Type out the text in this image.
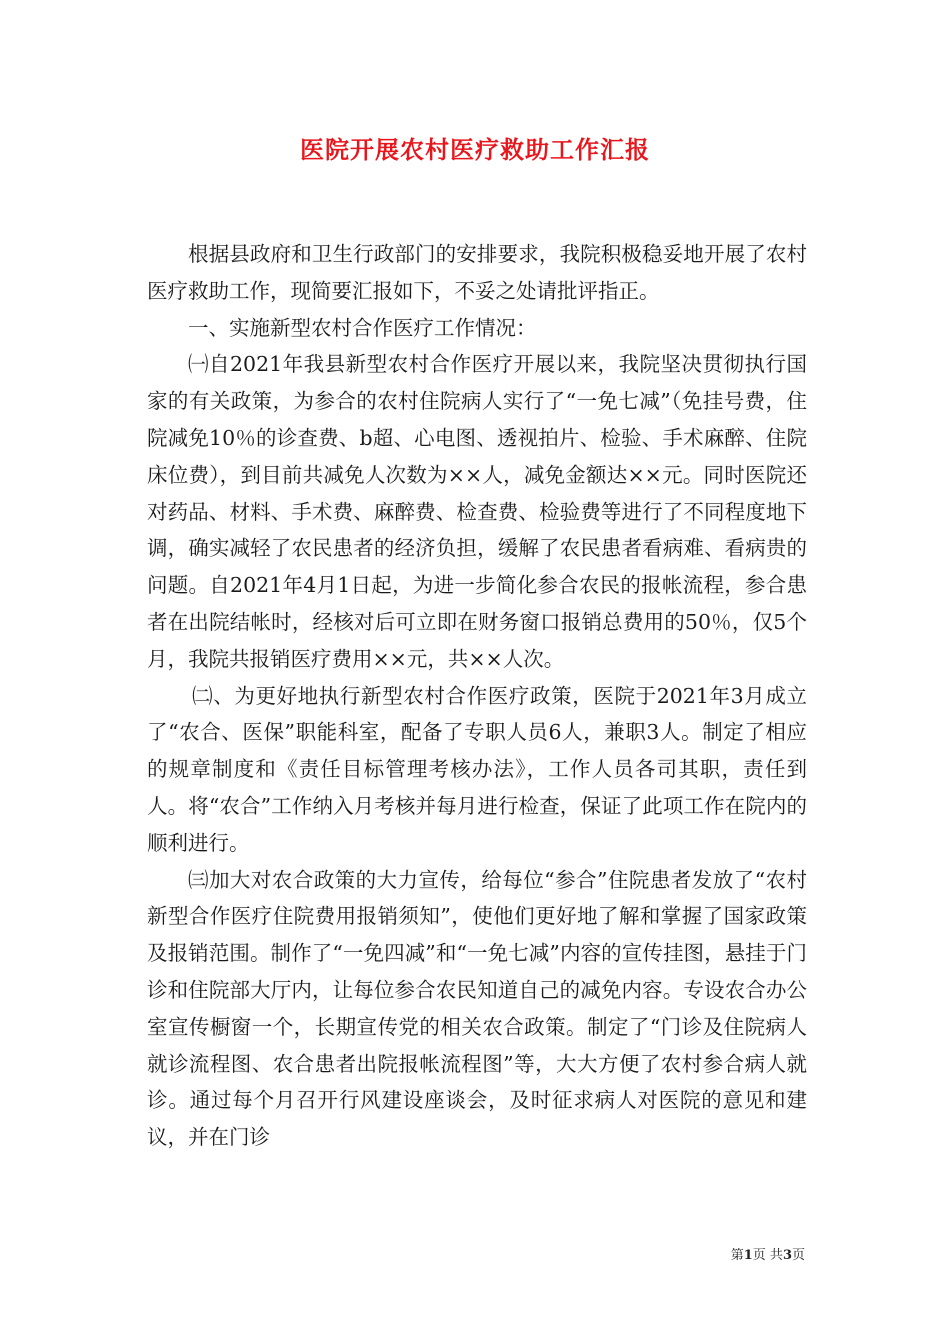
医院开展农村医疗救助工作汇报

根据县政府和卫生行政部门的安排要求，我院积极稳妥地开展了农村医疗救助工作，现简要汇报如下，不妥之处请批评指正。

一、实施新型农村合作医疗工作情况：

㈠自2021年我县新型农村合作医疗开展以来，我院坚决贯彻执行国家的有关政策，为参合的农村住院病人实行了“一免七减”（免挂号费，住院减免10％的诊查费、b超、心电图、透视拍片、检验、手术麻醉、住院床位费），到目前共减免人次数为××人，减免金额达××元。同时医院还对药品、材料、手术费、麻醉费、检查费、检验费等进行了不同程度地下调，确实减轻了农民患者的经济负担，缓解了农民患者看病难、看病贵的问题。自2021年4月1日起，为进一步简化参合农民的报帐流程，参合患者在出院结帐时，经核对后可立即在财务窗口报销总费用的50％，仅5个月，我院共报销医疗费用××元，共××人次。

㈡、为更好地执行新型农村合作医疗政策，医院于2021年3月成立了“农合、医保”职能科室，配备了专职人员6人，兼职3人。制定了相应的规章制度和《责任目标管理考核办法》，工作人员各司其职，责任到人。将“农合”工作纳入月考核并每月进行检查，保证了此项工作在院内的顺利进行。

㈢加大对农合政策的大力宣传，给每位“参合”住院患者发放了“农村新型合作医疗住院费用报销须知”，使他们更好地了解和掌握了国家政策及报销范围。制作了“一免四减”和“一免七减”内容的宣传挂图，悬挂于门诊和住院部大厅内，让每位参合农民知道自己的减免内容。专设农合办公室宣传橱窗一个，长期宣传党的相关农合政策。制定了“门诊及住院病人就诊流程图、农合患者出院报帐流程图”等，大大方便了农村参合病人就诊。通过每个月召开行风建设座谈会，及时征求病人对医院的意见和建议，并在门诊

第1页 共3页
